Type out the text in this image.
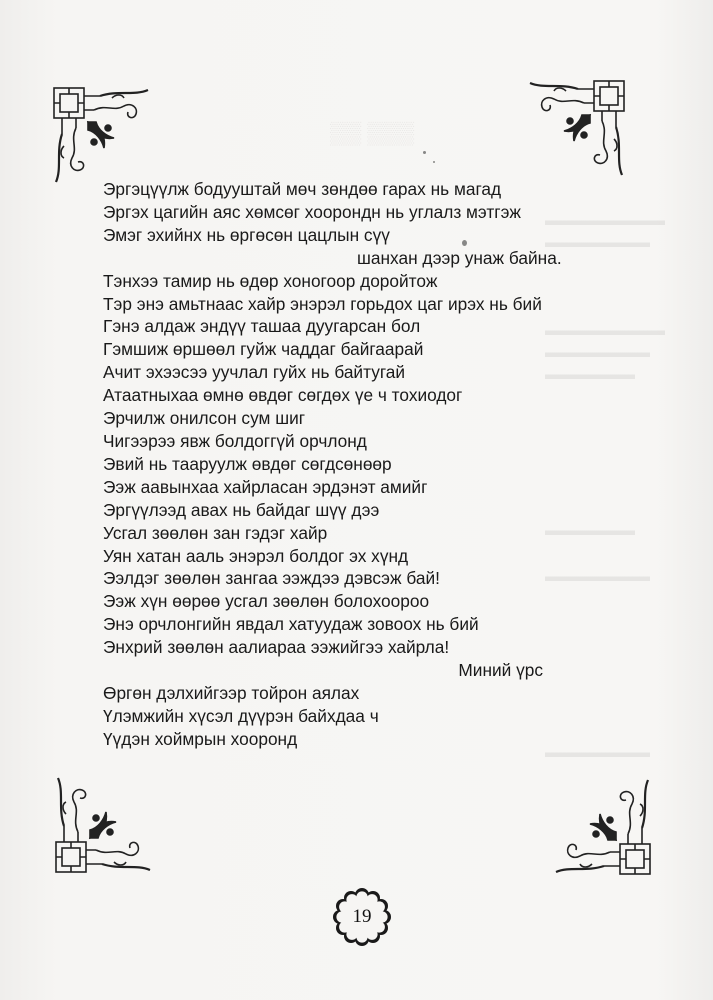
▒▒ ▒▒▒
▬▬▬▬▬▬▬▬
▬▬▬▬▬▬▬
▬▬▬▬▬▬▬▬
▬▬▬▬▬▬▬
▬▬▬▬▬▬
▬▬▬▬▬▬
▬▬▬▬▬▬▬
▬▬▬▬▬▬▬
Эргэцүүлж бодууштай мөч зөндөө гарах нь магад
Эргэх цагийн аяс хөмсөг хоорондн нь углалз мэтгэж
Эмэг эхийнх нь өргөсөн цацлын сүү
шанхан дээр унаж байна.
Тэнхээ тамир нь өдөр хоногоор доройтож
Тэр энэ амьтнаас хайр энэрэл горьдох цаг ирэх нь бий
Гэнэ алдаж эндүү ташаа дуугарсан бол
Гэмшиж өршөөл гуйж чаддаг байгаарай
Ачит эхээсээ уучлал гуйх нь байтугай
Атаатныхаа өмнө өвдөг сөгдөх үе ч тохиодог
Эрчилж онилсон сум шиг
Чигээрээ явж болдоггүй орчлонд
Эвий нь тааруулж өвдөг сөгдсөнөөр
Ээж аавынхаа хайрласан эрдэнэт амийг
Эргүүлээд авах нь байдаг шүү дээ
Усгал зөөлөн зан гэдэг хайр
Уян хатан ааль энэрэл болдог эх хүнд
Ээлдэг зөөлөн зангаа ээждээ дэвсэж бай!
Ээж хүн өөрөө усгал зөөлөн болохоороо
Энэ орчлонгийн явдал хатуудаж зовоох нь бий
Энхрий зөөлөн аалиараа ээжийгээ хайрла!
Миний үрс
Өргөн дэлхийгээр тойрон аялах
Үлэмжийн хүсэл дүүрэн байхдаа ч
Үүдэн хоймрын хооронд
19
